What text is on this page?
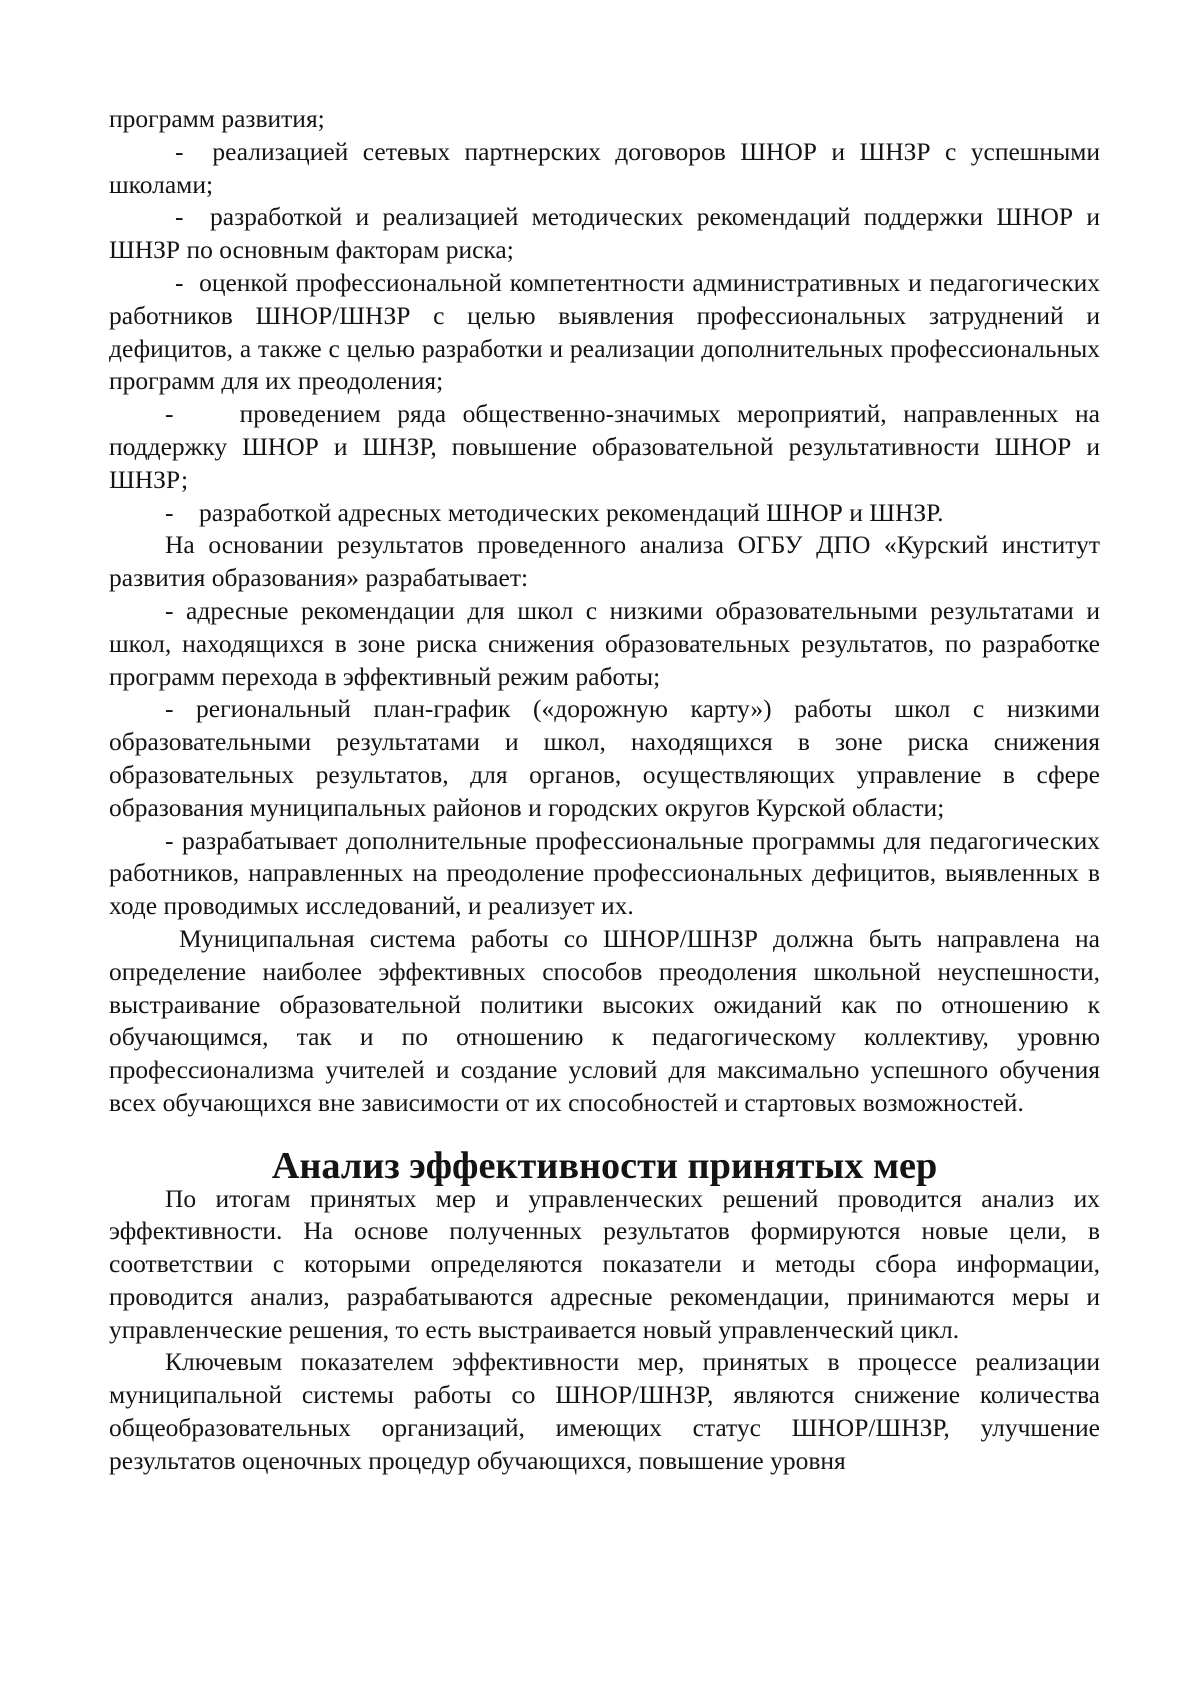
программ развития;

-  реализацией сетевых партнерских договоров ШНОР и ШНЗР с успешными школами;

-  разработкой и реализацией методических рекомендаций поддержки ШНОР и ШНЗР по основным факторам риска;

-  оценкой профессиональной компетентности административных и педагогических работников ШНОР/ШНЗР с целью выявления профессиональных затруднений и дефицитов, а также с целью разработки и реализации дополнительных профессиональных программ для их преодоления;

-    проведением ряда общественно-значимых мероприятий, направленных на поддержку ШНОР и ШНЗР, повышение образовательной результативности ШНОР и ШНЗР;

-    разработкой адресных методических рекомендаций ШНОР и ШНЗР.

На основании результатов проведенного анализа ОГБУ ДПО «Курский институт развития образования» разрабатывает:

- адресные рекомендации для школ с низкими образовательными результатами и школ, находящихся в зоне риска снижения образовательных результатов, по разработке программ перехода в эффективный режим работы;

- региональный план-график («дорожную карту») работы школ с низкими образовательными результатами и школ, находящихся в зоне риска снижения образовательных результатов, для органов, осуществляющих управление в сфере образования муниципальных районов и городских округов Курской области;

- разрабатывает дополнительные профессиональные программы для педагогических работников, направленных на преодоление профессиональных дефицитов, выявленных в ходе проводимых исследований, и реализует их.

Муниципальная система работы со ШНОР/ШНЗР должна быть направлена на определение наиболее эффективных способов преодоления школьной неуспешности, выстраивание образовательной политики высоких ожиданий как по отношению к обучающимся, так и по отношению к педагогическому коллективу, уровню профессионализма учителей и создание условий для максимально успешного обучения всех обучающихся вне зависимости от их способностей и стартовых возможностей.

Анализ эффективности принятых мер

По итогам принятых мер и управленческих решений проводится анализ их эффективности. На основе полученных результатов формируются новые цели, в соответствии с которыми определяются показатели и методы сбора информации, проводится анализ, разрабатываются адресные рекомендации, принимаются меры и управленческие решения, то есть выстраивается новый управленческий цикл.

Ключевым показателем эффективности мер, принятых в процессе реализации муниципальной системы работы со ШНОР/ШНЗР, являются снижение количества общеобразовательных организаций, имеющих статус ШНОР/ШНЗР, улучшение результатов оценочных процедур обучающихся, повышение уровня
